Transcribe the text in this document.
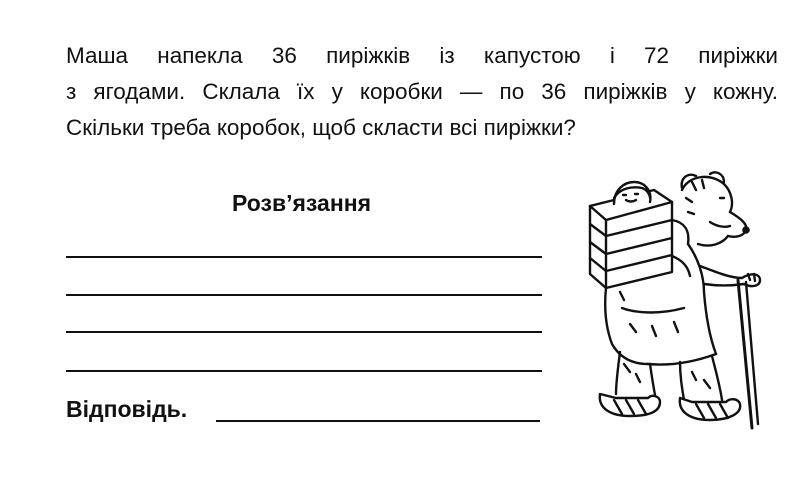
Маша напекла 36 пиріжків із капустою і 72 пиріжки
з ягодами. Склала їх у коробки — по 36 пиріжків у кожну.
Скільки треба коробок, щоб скласти всі пиріжки?
Розв’язання
Відповідь.
